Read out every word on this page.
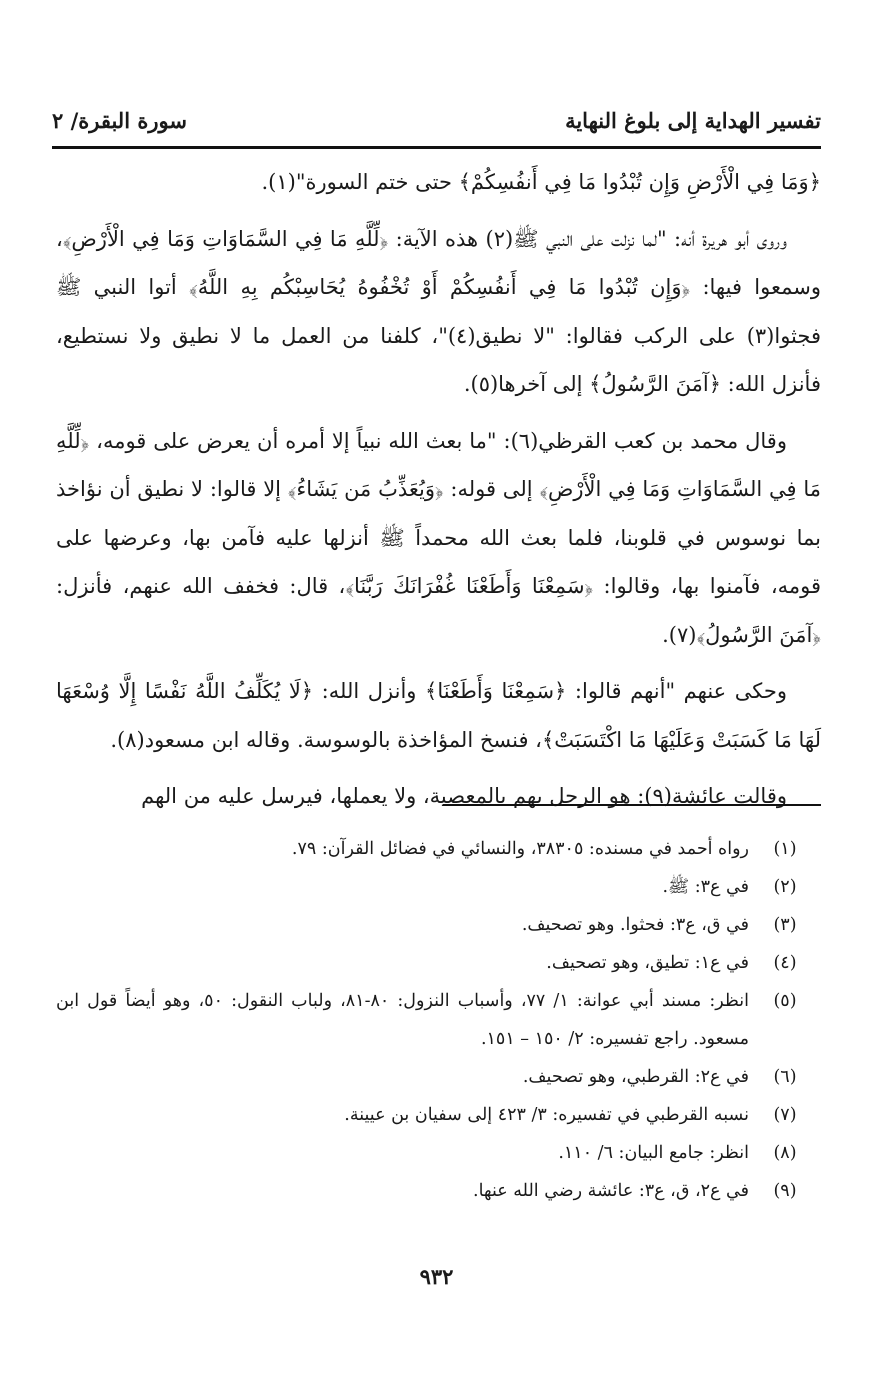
تفسير الهداية إلى بلوغ النهاية
سورة البقرة/ ٢

﴿وَمَا فِي الْأَرْضِ وَإِن تُبْدُوا مَا فِي أَنفُسِكُمْ﴾ حتى ختم السورة"(١).

وروى أبو هريرة أنه: "لما نزلت على النبي ﷺ(٢) هذه الآية: ﴿لِّلَّهِ مَا فِي السَّمَاوَاتِ وَمَا فِي الْأَرْضِ﴾، وسمعوا فيها: ﴿وَإِن تُبْدُوا مَا فِي أَنفُسِكُمْ أَوْ تُخْفُوهُ يُحَاسِبْكُم بِهِ اللَّهُ﴾ أتوا النبي ﷺ فجثوا(٣) على الركب فقالوا: "لا نطيق(٤)"، كلفنا من العمل ما لا نطيق ولا نستطيع، فأنزل الله: ﴿آمَنَ الرَّسُولُ﴾ إلى آخرها(٥).

وقال محمد بن كعب القرظي(٦): "ما بعث الله نبياً إلا أمره أن يعرض على قومه، ﴿لِّلَّهِ مَا فِي السَّمَاوَاتِ وَمَا فِي الْأَرْضِ﴾ إلى قوله: ﴿وَيُعَذِّبُ مَن يَشَاءُ﴾ إلا قالوا: لا نطيق أن نؤاخذ بما نوسوس في قلوبنا، فلما بعث الله محمداً ﷺ أنزلها عليه فآمن بها، وعرضها على قومه، فآمنوا بها، وقالوا: ﴿سَمِعْنَا وَأَطَعْنَا غُفْرَانَكَ رَبَّنَا﴾، قال: فخفف الله عنهم، فأنزل: ﴿آمَنَ الرَّسُولُ﴾(٧).

وحكى عنهم "أنهم قالوا: ﴿سَمِعْنَا وَأَطَعْنَا﴾ وأنزل الله: ﴿لَا يُكَلِّفُ اللَّهُ نَفْسًا إِلَّا وُسْعَهَا لَهَا مَا كَسَبَتْ وَعَلَيْهَا مَا اكْتَسَبَتْ﴾، فنسخ المؤاخذة بالوسوسة. وقاله ابن مسعود(٨).

وقالت عائشة(٩): هو الرجل يهم بالمعصية، ولا يعملها، فيرسل عليه من الهم

(١)
رواه أحمد في مسنده: ٣٨٣٠٥، والنسائي في فضائل القرآن: ٧٩.
(٢)
في ع٣: ﷺ.
(٣)
في ق، ع٣: فحثوا. وهو تصحيف.
(٤)
في ع١: تطيق، وهو تصحيف.
(٥)
انظر: مسند أبي عوانة: ١/ ٧٧، وأسباب النزول: ٨٠-٨١، ولباب النقول: ٥٠، وهو أيضاً قول ابن مسعود. راجع تفسيره: ٢/ ١٥٠ – ١٥١.
(٦)
في ع٢: القرطبي، وهو تصحيف.
(٧)
نسبه القرطبي في تفسيره: ٣/ ٤٢٣ إلى سفيان بن عيينة.
(٨)
انظر: جامع البيان: ٦/ ١١٠.
(٩)
في ع٢، ق، ع٣: عائشة رضي الله عنها.
٩٣٢
